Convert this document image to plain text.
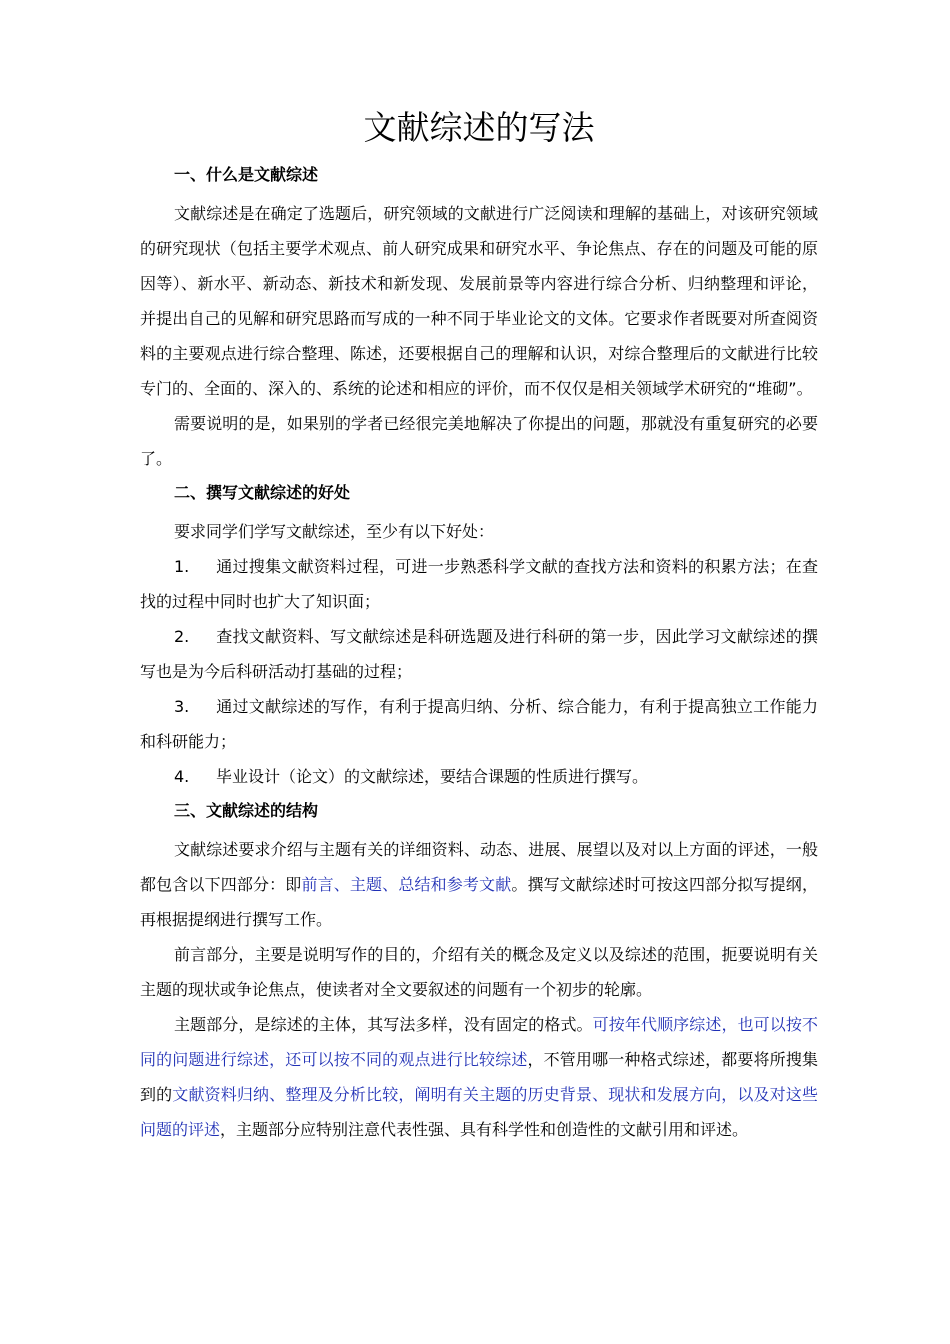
文献综述的写法
一、什么是文献综述

文献综述是在确定了选题后，研究领域的文献进行广泛阅读和理解的基础上，对该研究领域的研究现状（包括主要学术观点、前人研究成果和研究水平、争论焦点、存在的问题及可能的原因等）、新水平、新动态、新技术和新发现、发展前景等内容进行综合分析、归纳整理和评论，并提出自己的见解和研究思路而写成的一种不同于毕业论文的文体。它要求作者既要对所查阅资料的主要观点进行综合整理、陈述，还要根据自己的理解和认识，对综合整理后的文献进行比较专门的、全面的、深入的、系统的论述和相应的评价，而不仅仅是相关领域学术研究的“堆砌”。

需要说明的是，如果别的学者已经很完美地解决了你提出的问题，那就没有重复研究的必要了。

二、撰写文献综述的好处

要求同学们学写文献综述，至少有以下好处：

1. 通过搜集文献资料过程，可进一步熟悉科学文献的查找方法和资料的积累方法；在查找的过程中同时也扩大了知识面；

2. 查找文献资料、写文献综述是科研选题及进行科研的第一步，因此学习文献综述的撰写也是为今后科研活动打基础的过程；

3. 通过文献综述的写作，有利于提高归纳、分析、综合能力，有利于提高独立工作能力和科研能力；

4. 毕业设计（论文）的文献综述，要结合课题的性质进行撰写。

三、文献综述的结构

文献综述要求介绍与主题有关的详细资料、动态、进展、展望以及对以上方面的评述，一般都包含以下四部分：即前言、主题、总结和参考文献。撰写文献综述时可按这四部分拟写提纲，再根据提纲进行撰写工作。

前言部分，主要是说明写作的目的，介绍有关的概念及定义以及综述的范围，扼要说明有关主题的现状或争论焦点，使读者对全文要叙述的问题有一个初步的轮廓。

主题部分，是综述的主体，其写法多样，没有固定的格式。可按年代顺序综述，也可以按不同的问题进行综述，还可以按不同的观点进行比较综述，不管用哪一种格式综述，都要将所搜集到的文献资料归纳、整理及分析比较，阐明有关主题的历史背景、现状和发展方向，以及对这些问题的评述，主题部分应特别注意代表性强、具有科学性和创造性的文献引用和评述。
